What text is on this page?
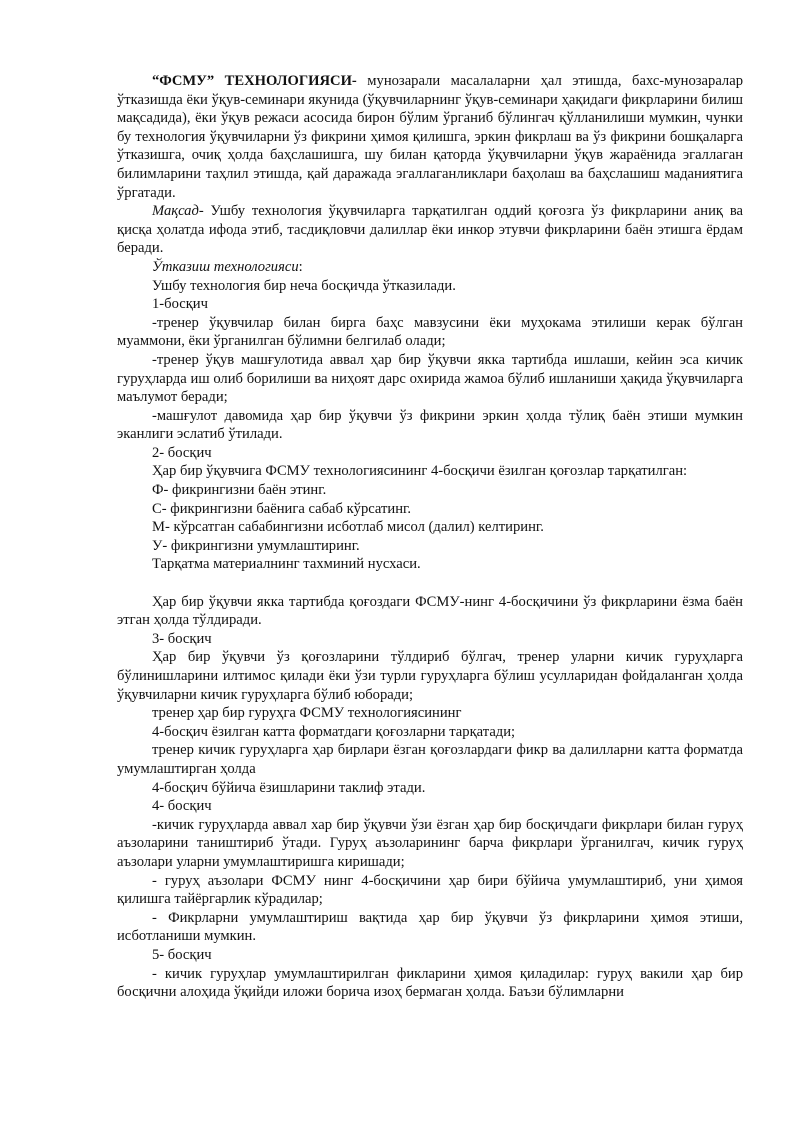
“ФСМУ” ТЕХНОЛОГИЯСИ- мунозарали масалаларни ҳал этишда, бахс-мунозаралар ўтказишда ёки ўқув-семинари якунида (ўқувчиларнинг ўқув-семинари ҳақидаги фикрларини билиш мақсадида), ёки ўқув режаси асосида бирон бўлим ўрганиб бўлингач қўлланилиши мумкин, чунки бу технология ўқувчиларни ўз фикрини ҳимоя қилишга, эркин фикрлаш ва ўз фикрини бошқаларга ўтказишга, очиқ ҳолда баҳслашишга, шу билан қаторда ўқувчиларни ўқув жараёнида эгаллаган билимларини таҳлил этишда, қай даражада эгаллаганликлари баҳолаш ва баҳслашиш маданиятига ўргатади.

Мақсад- Ушбу технология ўқувчиларга тарқатилган оддий қоғозга ўз фикрларини аниқ ва қисқа ҳолатда ифода этиб, тасдиқловчи далиллар ёки инкор этувчи фикрларини баён этишга ёрдам беради.

Ўтказиш технологияси:

Ушбу технология бир неча босқичда ўтказилади.

1-босқич

-тренер ўқувчилар билан бирга баҳс мавзусини ёки муҳокама этилиши керак бўлган муаммони, ёки ўрганилган бўлимни белгилаб олади;

-тренер ўқув машғулотида аввал ҳар бир ўқувчи якка тартибда ишлаши, кейин эса кичик гуруҳларда иш олиб борилиши ва ниҳоят дарс охирида жамоа бўлиб ишланиши ҳақида ўқувчиларга маълумот беради;

-машғулот давомида ҳар бир ўқувчи ўз фикрини эркин ҳолда тўлиқ баён этиши мумкин эканлиги эслатиб ўтилади.

2- босқич

Ҳар бир ўқувчига ФСМУ технологиясининг 4-босқичи ёзилган қоғозлар тарқатилган:

Ф- фикрингизни баён этинг.

С- фикрингизни баёнига сабаб кўрсатинг.

М- кўрсатган сабабингизни исботлаб мисол (далил) келтиринг.

У- фикрингизни умумлаштиринг.

Тарқатма материалнинг тахминий нусхаси.

Ҳар бир ўқувчи якка тартибда қоғоздаги ФСМУ-нинг 4-босқичини ўз фикрларини ёзма баён этган ҳолда тўлдиради.

3- босқич

Ҳар бир ўқувчи ўз қоғозларини тўлдириб бўлгач, тренер уларни кичик гуруҳларга бўлинишларини илтимос қилади ёки ўзи турли гуруҳларга бўлиш усулларидан фойдаланган ҳолда ўқувчиларни кичик гуруҳларга бўлиб юборади;

тренер ҳар бир гуруҳга ФСМУ технологиясининг

4-босқич ёзилган катта форматдаги қоғозларни тарқатади;

тренер кичик гуруҳларга ҳар бирлари ёзган қоғозлардаги фикр ва далилларни катта форматда умумлаштирган ҳолда

4-босқич бўйича ёзишларини таклиф этади.

4- босқич

-кичик гуруҳларда аввал хар бир ўқувчи ўзи ёзган ҳар бир босқичдаги фикрлари билан гуруҳ аъзоларини таништириб ўтади. Гуруҳ аъзоларининг барча фикрлари ўрганилгач, кичик гуруҳ аъзолари уларни умумлаштиришга киришади;

- гуруҳ аъзолари ФСМУ нинг 4-босқичини ҳар бири бўйича умумлаштириб, уни ҳимоя қилишга тайёргарлик кўрадилар;

- Фикрларни умумлаштириш вақтида ҳар бир ўқувчи ўз фикрларини ҳимоя этиши, исботланиши мумкин.

5- босқич

- кичик гуруҳлар умумлаштирилган фикларини ҳимоя қиладилар: гуруҳ вакили ҳар бир босқични алоҳида ўқийди иложи борича изоҳ бермаган ҳолда. Баъзи бўлимларни
